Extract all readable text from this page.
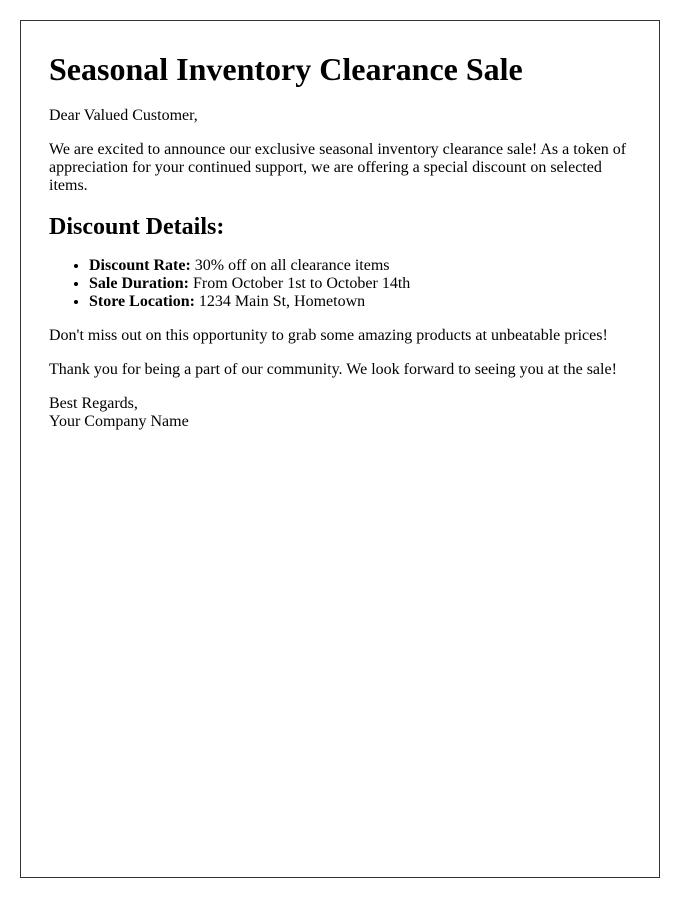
Seasonal Inventory Clearance Sale

Dear Valued Customer,

We are excited to announce our exclusive seasonal inventory clearance sale! As a token of appreciation for your continued support, we are offering a special discount on selected items.

Discount Details:
• Discount Rate: 30% off on all clearance items
• Sale Duration: From October 1st to October 14th
• Store Location: 1234 Main St, Hometown

Don't miss out on this opportunity to grab some amazing products at unbeatable prices!

Thank you for being a part of our community. We look forward to seeing you at the sale!

Best Regards,
Your Company Name
